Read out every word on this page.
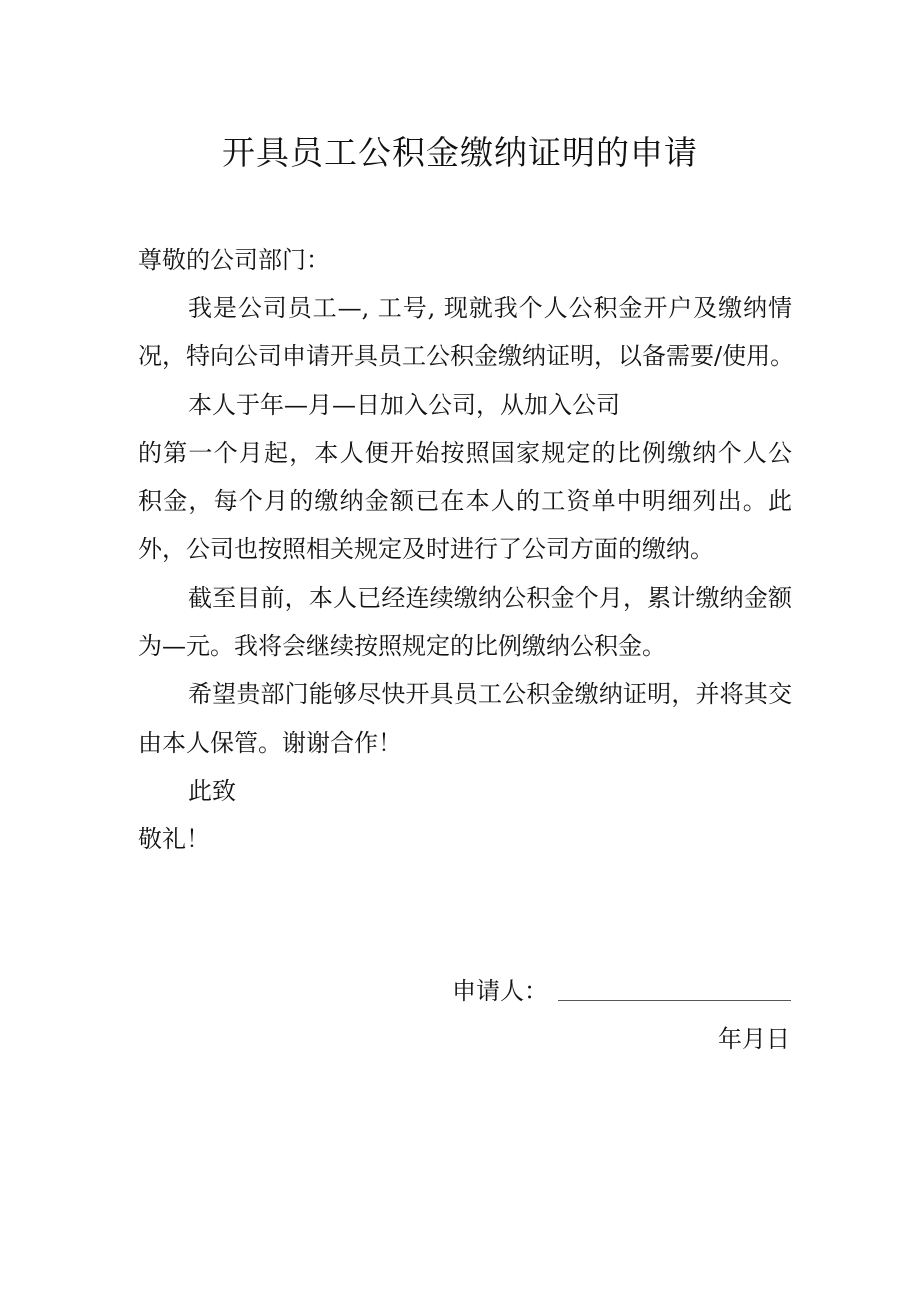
开具员工公积金缴纳证明的申请
尊敬的公司部门：
我是公司员工—, 工号, 现就我个人公积金开户及缴纳情
况，特向公司申请开具员工公积金缴纳证明，以备需要/使用。
本人于年—月—日加入公司，从加入公司
的第一个月起，本人便开始按照国家规定的比例缴纳个人公
积金，每个月的缴纳金额已在本人的工资单中明细列出。此
外，公司也按照相关规定及时进行了公司方面的缴纳。
截至目前，本人已经连续缴纳公积金个月，累计缴纳金额
为—元。我将会继续按照规定的比例缴纳公积金。
希望贵部门能够尽快开具员工公积金缴纳证明，并将其交
由本人保管。谢谢合作！
此致
敬礼！
申请人：
年月日
